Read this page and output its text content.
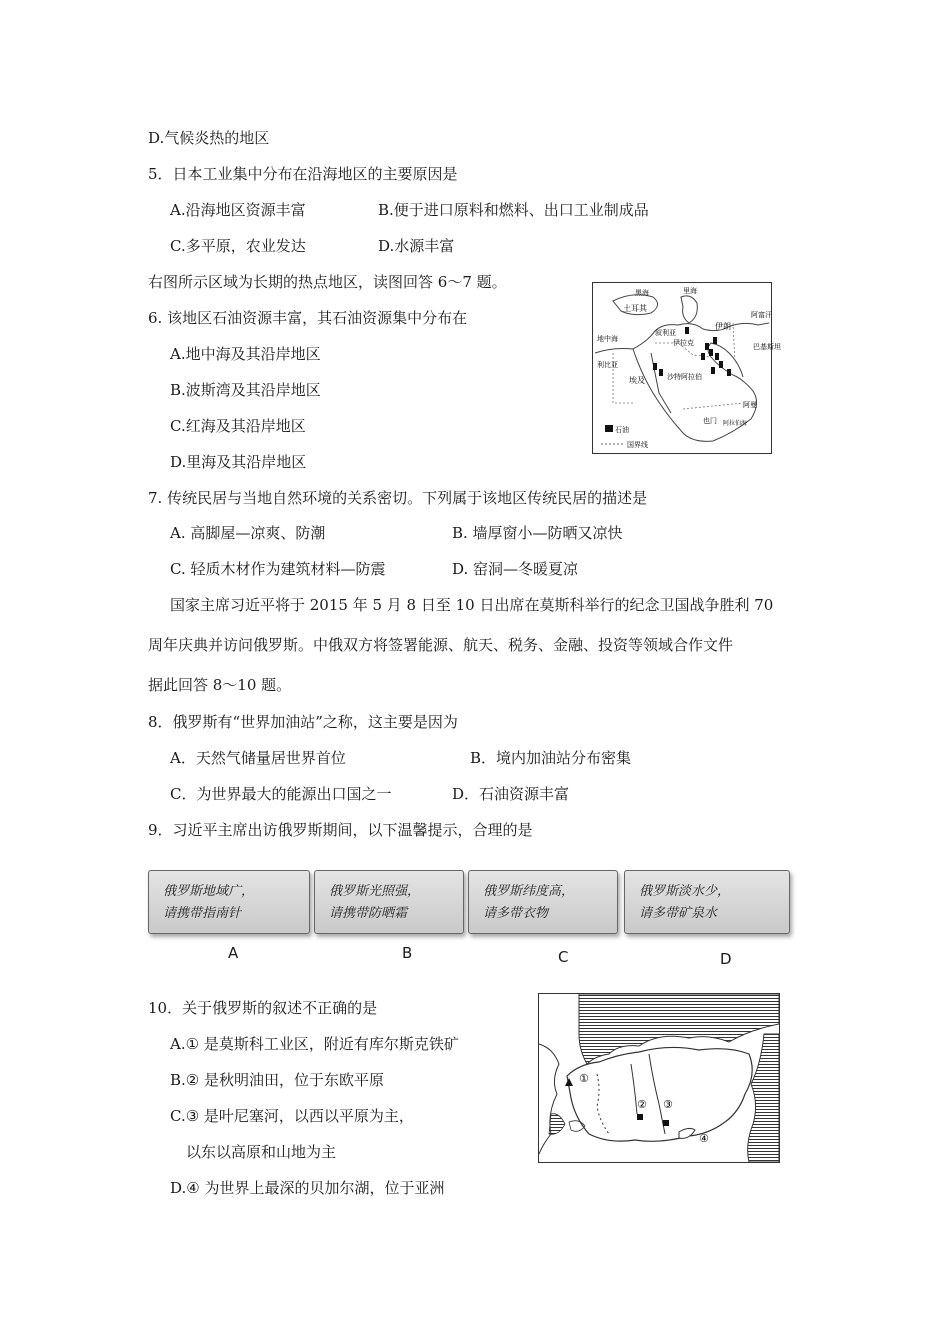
D.气候炎热的地区
5．日本工业集中分布在沿海地区的主要原因是
A.沿海地区资源丰富	B.便于进口原料和燃料、出口工业制成品
C.多平原，农业发达	D.水源丰富
右图所示区域为长期的热点地区，读图回答 6～7 题。
6. 该地区石油资源丰富，其石油资源集中分布在
A.地中海及其沿岸地区
B.波斯湾及其沿岸地区
C.红海及其沿岸地区
D.里海及其沿岸地区
黑海	里海
土耳其
叙利亚
伊朗
伊拉克
阿富汗
巴基斯坦
地中海
利比亚
埃及	沙特阿拉伯
也门
阿曼
阿拉伯海
石油
国界线
7. 传统民居与当地自然环境的关系密切。下列属于该地区传统民居的描述是
A. 高脚屋—凉爽、防潮	B. 墙厚窗小—防晒又凉快
C. 轻质木材作为建筑材料—防震	D. 窑洞—冬暖夏凉
国家主席习近平将于 2015 年 5 月 8 日至 10 日出席在莫斯科举行的纪念卫国战争胜利 70
周年庆典并访问俄罗斯。中俄双方将签署能源、航天、税务、金融、投资等领域合作文件
据此回答 8～10 题。
8．俄罗斯有“世界加油站”之称，这主要是因为
A．天然气储量居世界首位	B．境内加油站分布密集
C．为世界最大的能源出口国之一	D．石油资源丰富
9．习近平主席出访俄罗斯期间，以下温馨提示，合理的是
俄罗斯地域广，
请携带指南针
A
俄罗斯光照强，
请携带防晒霜
B
俄罗斯纬度高，
请多带衣物
C
俄罗斯淡水少，
请多带矿泉水
D
10．关于俄罗斯的叙述不正确的是
A.① 是莫斯科工业区，附近有库尔斯克铁矿
B.② 是秋明油田，位于东欧平原
C.③ 是叶尼塞河，以西以平原为主，
以东以高原和山地为主
D.④ 为世界上最深的贝加尔湖，位于亚洲
①
② ③
④
